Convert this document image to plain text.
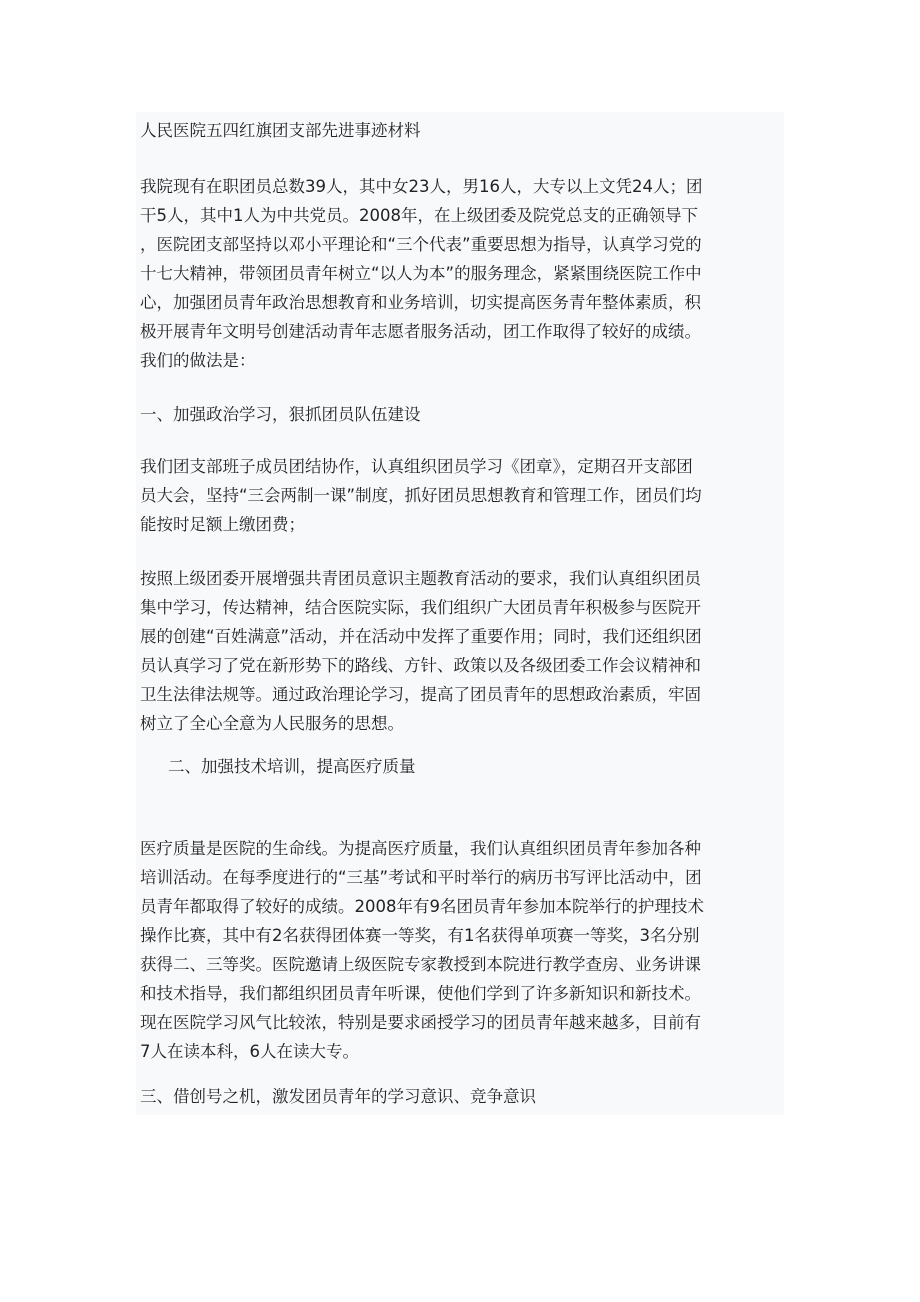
人民医院五四红旗团支部先进事迹材料

我院现有在职团员总数39人，其中女23人，男16人，大专以上文凭24人；团

干5人，其中1人为中共党员。2008年，在上级团委及院党总支的正确领导下

，医院团支部坚持以邓小平理论和“三个代表”重要思想为指导，认真学习党的

十七大精神，带领团员青年树立“以人为本”的服务理念，紧紧围绕医院工作中

心，加强团员青年政治思想教育和业务培训，切实提高医务青年整体素质，积

极开展青年文明号创建活动青年志愿者服务活动，团工作取得了较好的成绩。

我们的做法是：

一、加强政治学习，狠抓团员队伍建设

我们团支部班子成员团结协作，认真组织团员学习《团章》，定期召开支部团

员大会，坚持“三会两制一课”制度，抓好团员思想教育和管理工作，团员们均

能按时足额上缴团费；

按照上级团委开展增强共青团员意识主题教育活动的要求，我们认真组织团员

集中学习，传达精神，结合医院实际，我们组织广大团员青年积极参与医院开

展的创建“百姓满意”活动，并在活动中发挥了重要作用；同时，我们还组织团

员认真学习了党在新形势下的路线、方针、政策以及各级团委工作会议精神和

卫生法律法规等。通过政治理论学习，提高了团员青年的思想政治素质，牢固

树立了全心全意为人民服务的思想。

二、加强技术培训，提高医疗质量

医疗质量是医院的生命线。为提高医疗质量，我们认真组织团员青年参加各种

培训活动。在每季度进行的“三基”考试和平时举行的病历书写评比活动中，团

员青年都取得了较好的成绩。2008年有9名团员青年参加本院举行的护理技术

操作比赛，其中有2名获得团体赛一等奖，有1名获得单项赛一等奖，3名分别

获得二、三等奖。医院邀请上级医院专家教授到本院进行教学查房、业务讲课

和技术指导，我们都组织团员青年听课，使他们学到了许多新知识和新技术。

现在医院学习风气比较浓，特别是要求函授学习的团员青年越来越多，目前有

7人在读本科，6人在读大专。

三、借创号之机，激发团员青年的学习意识、竞争意识
